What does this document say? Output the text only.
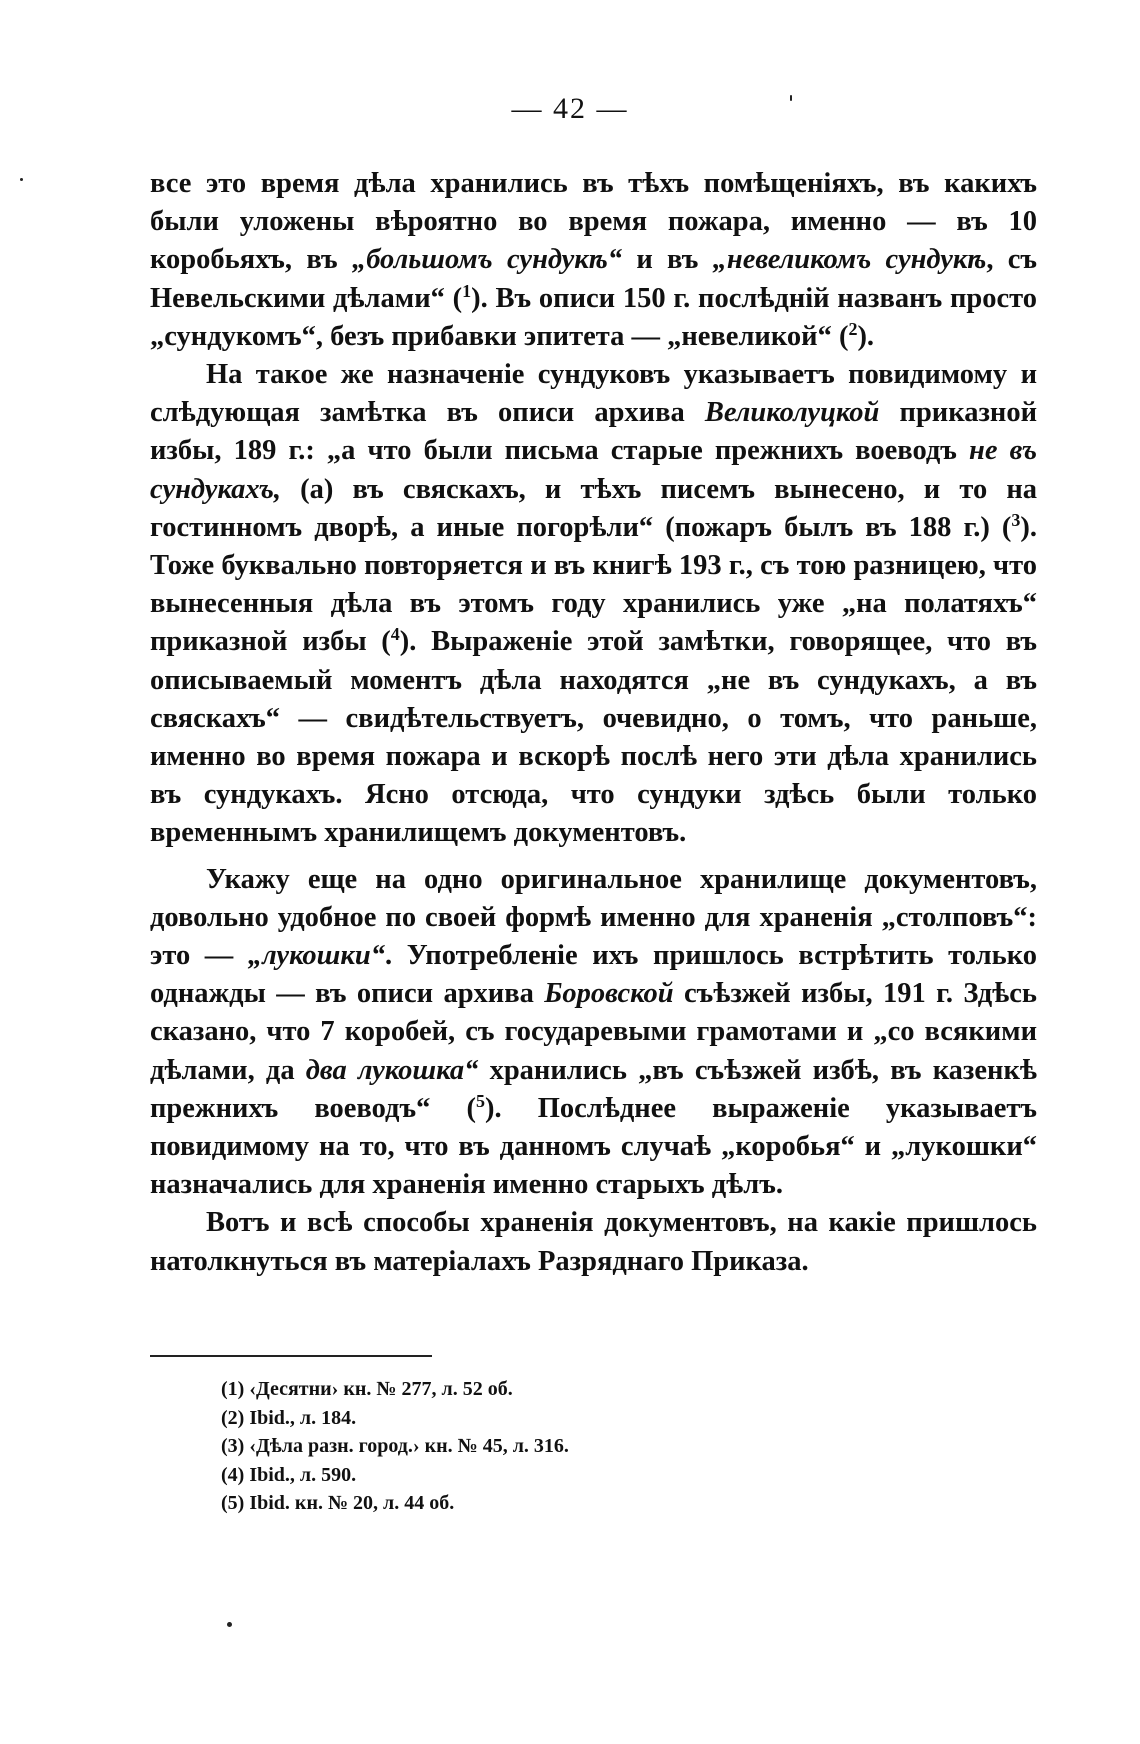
— 42 —

все это время дѣла хранились въ тѣхъ помѣщеніяхъ, въ какихъ были уложены вѣроятно во время пожара, именно — въ 10 коробьяхъ, въ „большомъ сундукѣ“ и въ „невеликомъ сундукѣ, съ Невельскими дѣлами“ ($^1$). Въ описи 150 г. послѣдній названъ просто „сундукомъ“, безъ прибавки эпитета — „невеликой“ ($^2$).

На такое же назначеніе сундуковъ указываетъ повидимому и слѣдующая замѣтка въ описи архива Великолуцкой приказной избы, 189 г.: „а что были письма старые прежнихъ воеводъ не въ сундукахъ, (а) въ свяскахъ, и тѣхъ писемъ вынесено, и то на гостинномъ дворѣ, а иные погорѣли“ (пожаръ былъ въ 188 г.) ($^3$). Тоже буквально повторяется и въ книгѣ 193 г., съ тою разницею, что вынесенныя дѣла въ этомъ году хранились уже „на полатяхъ“ приказной избы ($^4$). Выраженіе этой замѣтки, говорящее, что въ описываемый моментъ дѣла находятся „не въ сундукахъ, а въ свяскахъ“ — свидѣтельствуетъ, очевидно, о томъ, что раньше, именно во время пожара и вскорѣ послѣ него эти дѣла хранились въ сундукахъ. Ясно отсюда, что сундуки здѣсь были только временнымъ хранилищемъ документовъ.

Укажу еще на одно оригинальное хранилище документовъ, довольно удобное по своей формѣ именно для храненія „столповъ“: это — „лукошки“. Употребленіе ихъ пришлось встрѣтить только однажды — въ описи архива Боровской съѣзжей избы, 191 г. Здѣсь сказано, что 7 коробей, съ государевыми грамотами и „со всякими дѣлами, да два лукошка“ хранились „въ съѣзжей избѣ, въ казенкѣ прежнихъ воеводъ“ ($^5$). Послѣднее выраженіе указываетъ повидимому на то, что въ данномъ случаѣ „коробья“ и „лукошки“ назначались для храненія именно старыхъ дѣлъ.

Вотъ и всѣ способы храненія документовъ, на какіе пришлось натолкнуться въ матеріалахъ Разряднаго Приказа.

(1) ‹Десятни› кн. № 277, л. 52 об.
(2) Ibid., л. 184.
(3) ‹Дѣла разн. город.› кн. № 45, л. 316.
(4) Ibid., л. 590.
(5) Ibid. кн. № 20, л. 44 об.
